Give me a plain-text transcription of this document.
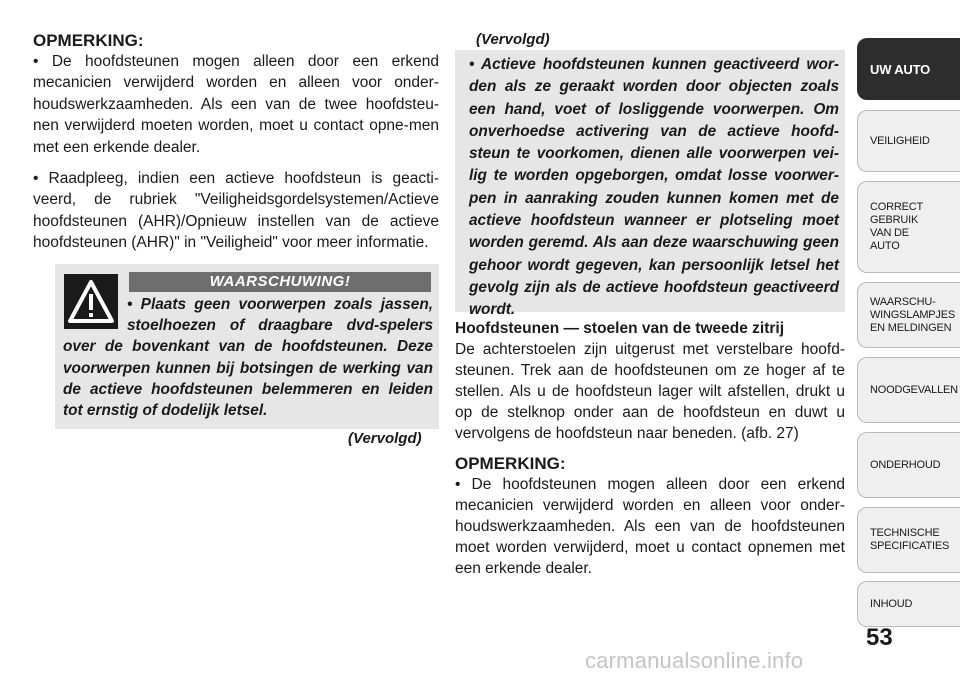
OPMERKING:
• De hoofdsteunen mogen alleen door een erkend mecanicien verwijderd worden en alleen voor onder-houdswerkzaamheden. Als een van de twee hoofdsteu-nen verwijderd moeten worden, moet u contact opne-men met een erkende dealer.
• Raadpleeg, indien een actieve hoofdsteun is geacti-veerd, de rubriek "Veiligheidsgordelsystemen/Actieve hoofdsteunen (AHR)/Opnieuw instellen van de actieve hoofdsteunen (AHR)" in "Veiligheid" voor meer informatie.
WAARSCHUWING!
• Plaats geen voorwerpen zoals jassen, stoelhoezen of draagbare dvd-spelers over de bovenkant van de hoofdsteunen. Deze voorwerpen kunnen bij botsingen de werking van de actieve hoofdsteunen belemmeren en leiden tot ernstig of dodelijk letsel.
(Vervolgd)
(Vervolgd)
• Actieve hoofdsteunen kunnen geactiveerd wor-den als ze geraakt worden door objecten zoals een hand, voet of losliggende voorwerpen. Om onverhoedse activering van de actieve hoofd-steun te voorkomen, dienen alle voorwerpen vei-lig te worden opgeborgen, omdat losse voorwer-pen in aanraking zouden kunnen komen met de actieve hoofdsteun wanneer er plotseling moet worden geremd. Als aan deze waarschuwing geen gehoor wordt gegeven, kan persoonlijk letsel het gevolg zijn als de actieve hoofdsteun geactiveerd wordt.
Hoofdsteunen — stoelen van de tweede zitrij
De achterstoelen zijn uitgerust met verstelbare hoofd-steunen. Trek aan de hoofdsteunen om ze hoger af te stellen. Als u de hoofdsteun lager wilt afstellen, drukt u op de stelknop onder aan de hoofdsteun en duwt u vervolgens de hoofdsteun naar beneden. (afb. 27)
OPMERKING:
• De hoofdsteunen mogen alleen door een erkend mecanicien verwijderd worden en alleen voor onder-houdswerkzaamheden. Als een van de hoofdsteunen moet worden verwijderd, moet u contact opnemen met een erkende dealer.
UW AUTO
VEILIGHEID
CORRECT GEBRUIK VAN DE AUTO
WAARSCHU-WINGSLAMPJES EN MELDINGEN
NOODGEVALLEN
ONDERHOUD
TECHNISCHE SPECIFICATIES
INHOUD
53
carmanualsonline.info
